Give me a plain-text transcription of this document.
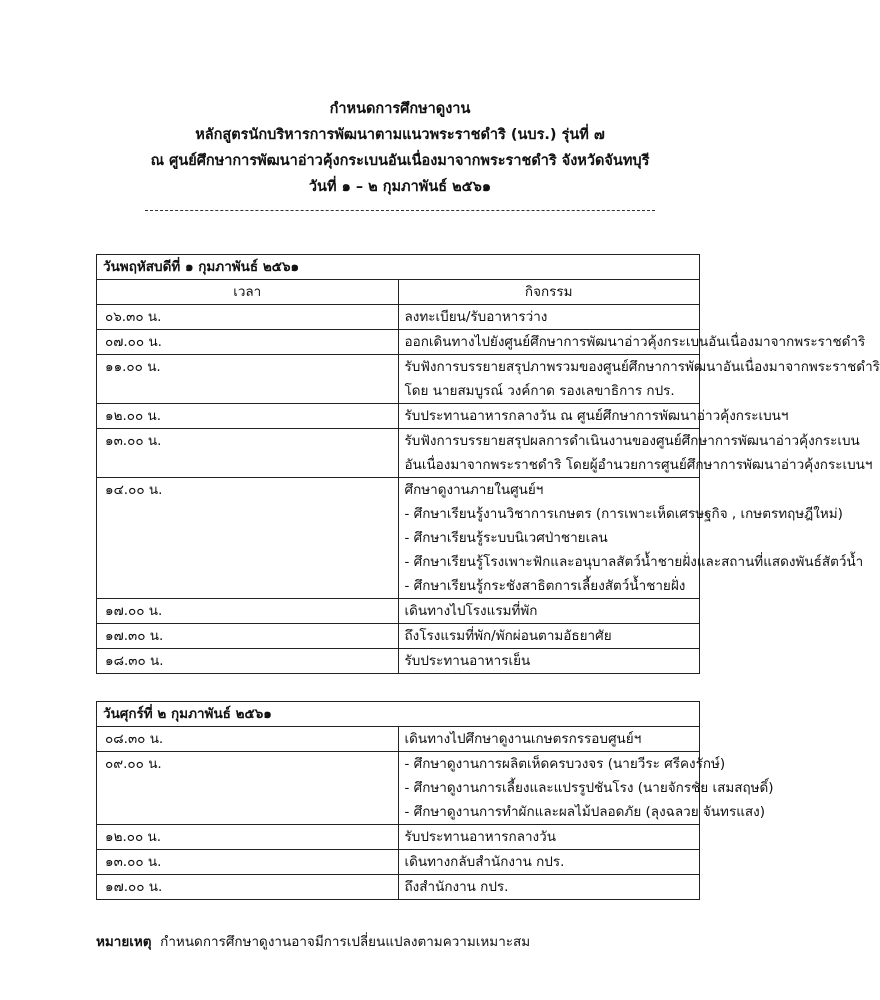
กำหนดการศึกษาดูงาน
หลักสูตรนักบริหารการพัฒนาตามแนวพระราชดำริ (นบร.) รุ่นที่ ๗
ณ ศูนย์ศึกษาการพัฒนาอ่าวคุ้งกระเบนอันเนื่องมาจากพระราชดำริ จังหวัดจันทบุรี
วันที่ ๑ – ๒ กุมภาพันธ์ ๒๕๖๑
วันพฤหัสบดีที่ ๑ กุมภาพันธ์ ๒๕๖๑	
เวลา	กิจกรรม
๐๖.๓๐ น.	ลงทะเบียน/รับอาหารว่าง

๐๗.๐๐ น.	ออกเดินทางไปยังศูนย์ศึกษาการพัฒนาอ่าวคุ้งกระเบนอันเนื่องมาจากพระราชดำริ

๑๑.๐๐ น.	รับฟังการบรรยายสรุปภาพรวมของศูนย์ศึกษาการพัฒนาอันเนื่องมาจากพระราชดำริ
โดย นายสมบูรณ์ วงค์กาด รองเลขาธิการ กปร.

๑๒.๐๐ น.	รับประทานอาหารกลางวัน ณ ศูนย์ศึกษาการพัฒนาอ่าวคุ้งกระเบนฯ

๑๓.๐๐ น.	รับฟังการบรรยายสรุปผลการดำเนินงานของศูนย์ศึกษาการพัฒนาอ่าวคุ้งกระเบน
อันเนื่องมาจากพระราชดำริ โดยผู้อำนวยการศูนย์ศึกษาการพัฒนาอ่าวคุ้งกระเบนฯ

๑๔.๐๐ น.	ศึกษาดูงานภายในศูนย์ฯ
- ศึกษาเรียนรู้งานวิชาการเกษตร (การเพาะเห็ดเศรษฐกิจ , เกษตรทฤษฎีใหม่)
- ศึกษาเรียนรู้ระบบนิเวศป่าชายเลน
- ศึกษาเรียนรู้โรงเพาะฟักและอนุบาลสัตว์น้ำชายฝั่งและสถานที่แสดงพันธ์สัตว์น้ำ
- ศึกษาเรียนรู้กระชังสาธิตการเลี้ยงสัตว์น้ำชายฝั่ง

๑๗.๐๐ น.	เดินทางไปโรงแรมที่พัก

๑๗.๓๐ น.	ถึงโรงแรมที่พัก/พักผ่อนตามอัธยาศัย

๑๘.๓๐ น.	รับประทานอาหารเย็น
วันศุกร์ที่ ๒ กุมภาพันธ์ ๒๕๖๑	
๐๘.๓๐ น.	เดินทางไปศึกษาดูงานเกษตรกรรอบศูนย์ฯ

๐๙.๐๐ น.	- ศึกษาดูงานการผลิตเห็ดครบวงจร (นายวีระ ศรีคงรักษ์)
- ศึกษาดูงานการเลี้ยงและแปรรูปชันโรง (นายจักรชัย เสมสฤษดิ์)
- ศึกษาดูงานการทำผักและผลไม้ปลอดภัย (ลุงฉลวย จันทรแสง)

๑๒.๐๐ น.	รับประทานอาหารกลางวัน

๑๓.๐๐ น.	เดินทางกลับสำนักงาน กปร.

๑๗.๐๐ น.	ถึงสำนักงาน กปร.
หมายเหตุ กำหนดการศึกษาดูงานอาจมีการเปลี่ยนแปลงตามความเหมาะสม
